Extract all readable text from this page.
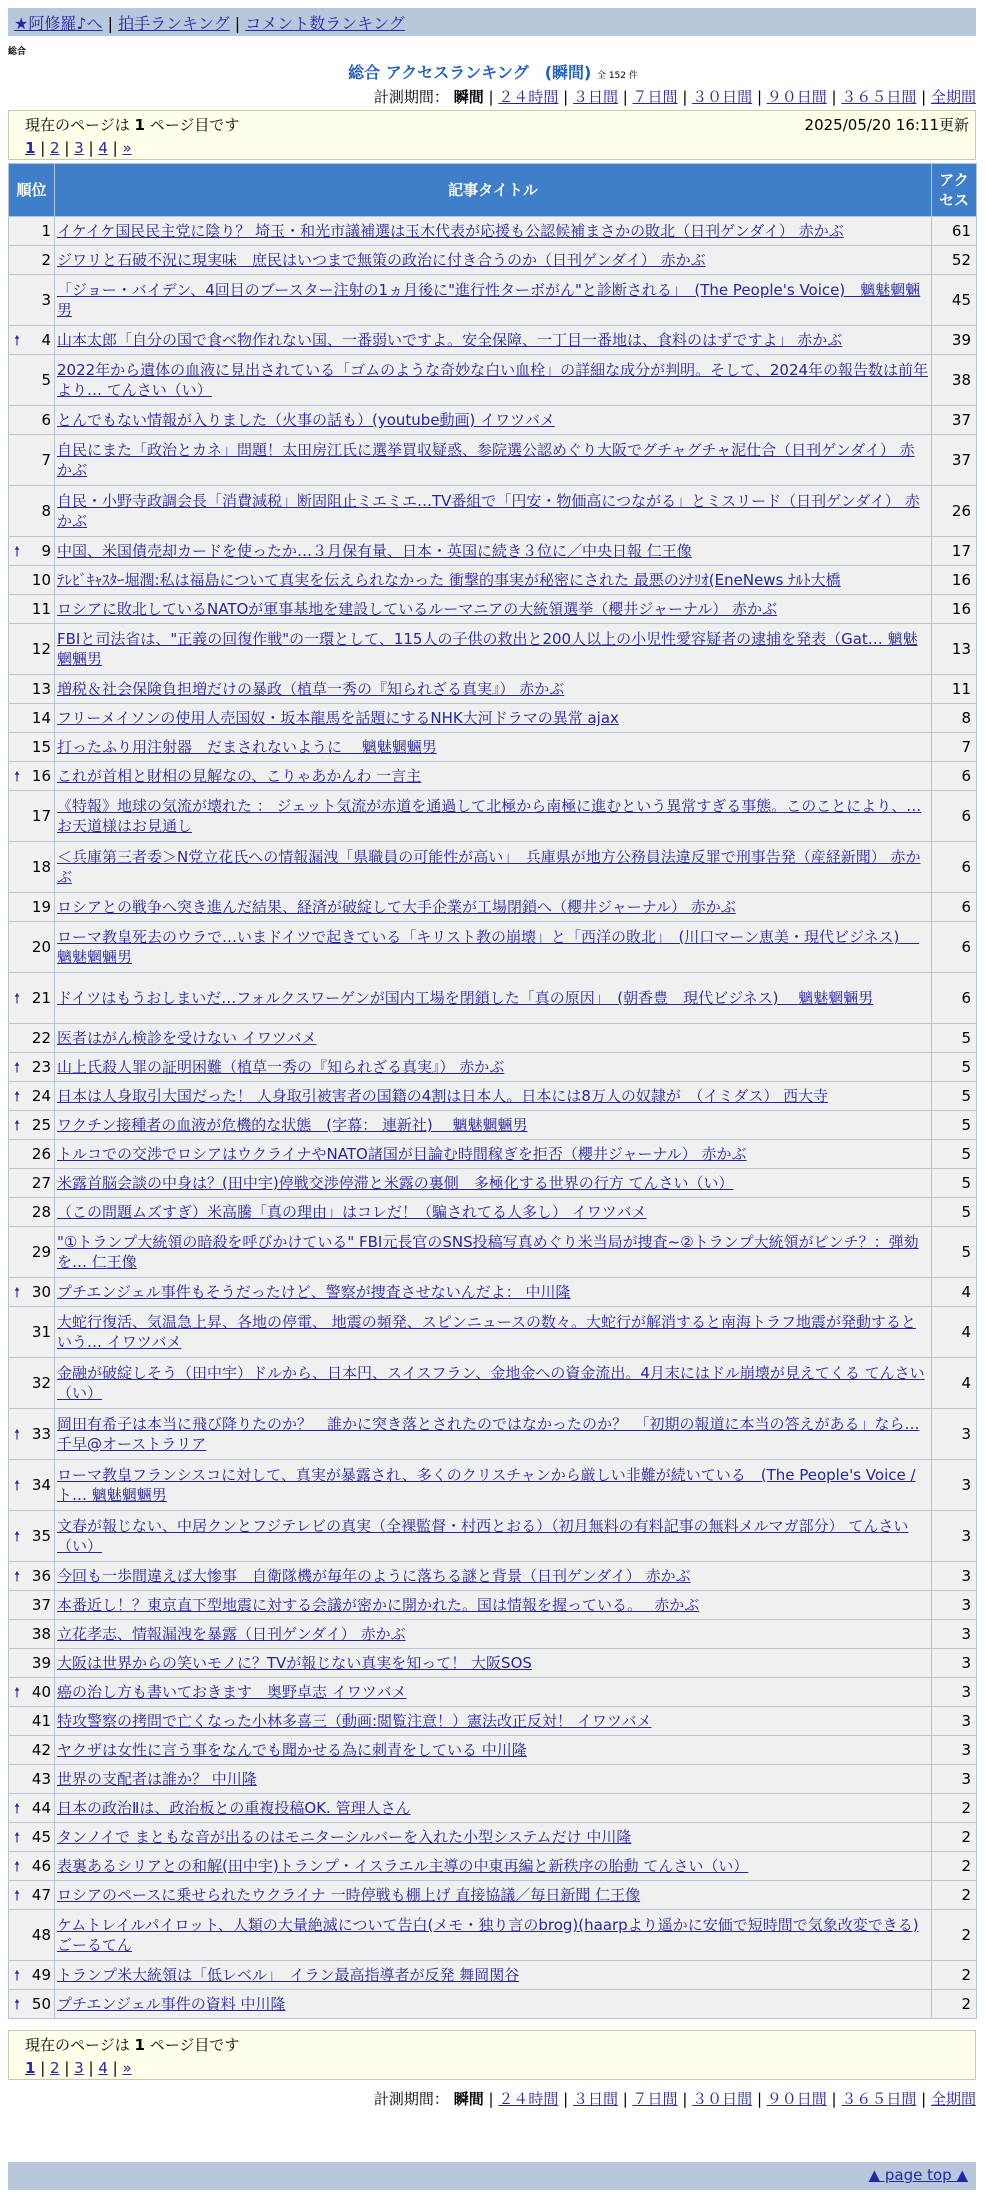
★阿修羅♪へ | 拍手ランキング | コメント数ランキング
総合
総合 アクセスランキング　(瞬間) 全 152 件
計測期間： 瞬間 | ２４時間 | ３日間 | ７日間 | ３０日間 | ９０日間 | ３６５日間 | 全期間
現在のページは 1 ページ目です	2025/05/20 16:11更新
1 | 2 | 3 | 4 | »
順位	記事タイトル	アクセス
1	イケイケ国民民主党に陰り？ 埼玉・和光市議補選は玉木代表が応援も公認候補まさかの敗北（日刊ゲンダイ） 赤かぶ	61
2	ジワリと石破不況に現実味　庶民はいつまで無策の政治に付き合うのか（日刊ゲンダイ） 赤かぶ	52
3	「ジョー・バイデン、4回目のブースター注射の1ヵ月後に"進行性ターボがん"と診断される」　(The People's Voice)　魑魅魍魎男	45

🠕 4	山本太郎「自分の国で食べ物作れない国、一番弱いですよ。安全保障、一丁目一番地は、食料のはずですよ」 赤かぶ	39
5	2022年から遺体の血液に見出されている「ゴムのような奇妙な白い血栓」の詳細な成分が判明。そして、2024年の報告数は前年より… てんさい（い）	38
6	とんでもない情報が入りました（火事の話も）(youtube動画) イワツバメ	37
7	自民にまた「政治とカネ」問題！太田房江氏に選挙買収疑惑、参院選公認めぐり大阪でグチャグチャ泥仕合（日刊ゲンダイ） 赤かぶ	37
8	自民・小野寺政調会長「消費減税」断固阻止ミエミエ…TV番組で「円安・物価高につながる」とミスリード（日刊ゲンダイ） 赤かぶ	26

🠕 9	中国、米国債売却カードを使ったか…３月保有量、日本・英国に続き３位に／中央日報 仁王像	17
10	ﾃﾚﾋﾞｷｬｽﾀｰ堀潤:私は福島について真実を伝えられなかった 衝撃的事実が秘密にされた 最悪のｼﾅﾘｵ(EneNews ﾅﾙﾄ大橋	16
11	ロシアに敗北しているNATOが軍事基地を建設しているルーマニアの大統領選挙（櫻井ジャーナル） 赤かぶ	16
12	FBIと司法省は、"正義の回復作戦"の一環として、115人の子供の救出と200人以上の小児性愛容疑者の逮捕を発表（Gat… 魑魅魍魎男	13
13	増税＆社会保険負担増だけの暴政（植草一秀の『知られざる真実』） 赤かぶ	11
14	フリーメイソンの使用人売国奴・坂本龍馬を話題にするNHK大河ドラマの異常 ajax	8
15	打ったふり用注射器　だまされないように　 魑魅魍魎男	7

🠕 16	これが首相と財相の見解なの、こりゃあかんわ 一言主	6
17	《特報》地球の気流が壊れた ： ジェット気流が赤道を通過して北極から南極に進むという異常すぎる事態。このことにより、… お天道様はお見通し	6
18	＜兵庫第三者委＞N党立花氏への情報漏洩「県職員の可能性が高い」　兵庫県が地方公務員法違反罪で刑事告発（産経新聞） 赤かぶ	6
19	ロシアとの戦争へ突き進んだ結果、経済が破綻して大手企業が工場閉鎖へ（櫻井ジャーナル） 赤かぶ	6
20	ローマ教皇死去のウラで…いまドイツで起きている「キリスト教の崩壊」と「西洋の敗北」　(川口マーン恵美・現代ビジネス)　 魑魅魍魎男	6

🠕 21	ドイツはもうおしまいだ…フォルクスワーゲンが国内工場を閉鎖した「真の原因」　(朝香豊　現代ビジネス)　 魑魅魍魎男	6
22	医者はがん検診を受けない イワツバメ	5

🠕 23	山上氏殺人罪の証明困難（植草一秀の『知られざる真実』） 赤かぶ	5

🠕 24	日本は人身取引大国だった！ 人身取引被害者の国籍の4割は日本人。日本には8万人の奴隷が　（イミダス） 西大寺	5

🠕 25	ワクチン接種者の血液が危機的な状態　(字幕： 連新社)　 魑魅魍魎男	5
26	トルコでの交渉でロシアはウクライナやNATO諸国が目論む時間稼ぎを拒否（櫻井ジャーナル） 赤かぶ	5
27	米露首脳会談の中身は？(田中宇)停戦交渉停滞と米露の裏側　多極化する世界の行方 てんさい（い）	5
28	（この問題ムズすぎ）米高騰「真の理由」はコレだ！（騙されてる人多し） イワツバメ	5
29	"①トランプ大統領の暗殺を呼びかけている" FBI元長官のSNS投稿写真めぐり米当局が捜査~②トランプ大統領がピンチ？：弾劾を… 仁王像	5

🠕 30	プチエンジェル事件もそうだったけど、警察が捜査させないんだよ： 中川隆	4
31	大蛇行復活、気温急上昇、各地の停電、 地震の頻発、スピンニュースの数々。大蛇行が解消すると南海トラフ地震が発動するという… イワツバメ	4
32	金融が破綻しそう（田中宇）ドルから、日本円、スイスフラン、金地金への資金流出。4月末にはドル崩壊が見えてくる てんさい（い）	4

🠕 33	岡田有希子は本当に飛び降りたのか？　誰かに突き落とされたのではなかったのか？　「初期の報道に本当の答えがある」なら… 千早@オーストラリア	3

🠕 34	ローマ教皇フランシスコに対して、真実が暴露され、多くのクリスチャンから厳しい非難が続いている　(The People's Voice / ト… 魑魅魍魎男	3

🠕 35	文春が報じない、中居クンとフジテレビの真実（全裸監督・村西とおる）（初月無料の有料記事の無料メルマガ部分） てんさい（い）	3

🠕 36	今回も一歩間違えば大惨事　自衛隊機が毎年のように落ちる謎と背景（日刊ゲンダイ） 赤かぶ	3
37	本番近し！？東京直下型地震に対する会議が密かに開かれた。国は情報を握っている。　 赤かぶ	3
38	立花孝志、情報漏洩を暴露（日刊ゲンダイ） 赤かぶ	3
39	大阪は世界からの笑いモノに？TVが報じない真実を知って！ 大阪SOS	3

🠕 40	癌の治し方も書いておきます　奥野卓志 イワツバメ	3
41	特攻警察の拷問で亡くなった小林多喜三（動画:閲覧注意！）憲法改正反対！ イワツバメ	3
42	ヤクザは女性に言う事をなんでも聞かせる為に刺青をしている 中川隆	3
43	世界の支配者は誰か？ 中川隆	3

🠕 44	日本の政治Ⅱは、政治板との重複投稿OK. 管理人さん	2

🠕 45	タンノイで まともな音が出るのはモニターシルバーを入れた小型システムだけ 中川隆	2

🠕 46	表裏あるシリアとの和解(田中宇)トランプ・イスラエル主導の中東再編と新秩序の胎動 てんさい（い）	2

🠕 47	ロシアのペースに乗せられたウクライナ 一時停戦も棚上げ 直接協議／毎日新聞 仁王像	2
48	ケムトレイルパイロット、人類の大量絶滅について告白(メモ・独り言のbrog)(haarpより遥かに安価で短時間で気象改変できる) ごーるてん	2

🠕 49	トランプ米大統領は「低レベル」　イラン最高指導者が反発 舞岡関谷	2

🠕 50	プチエンジェル事件の資料 中川隆	2
現在のページは 1 ページ目です
1 | 2 | 3 | 4 | »
計測期間： 瞬間 | ２４時間 | ３日間 | ７日間 | ３０日間 | ９０日間 | ３６５日間 | 全期間
▲ page top ▲
